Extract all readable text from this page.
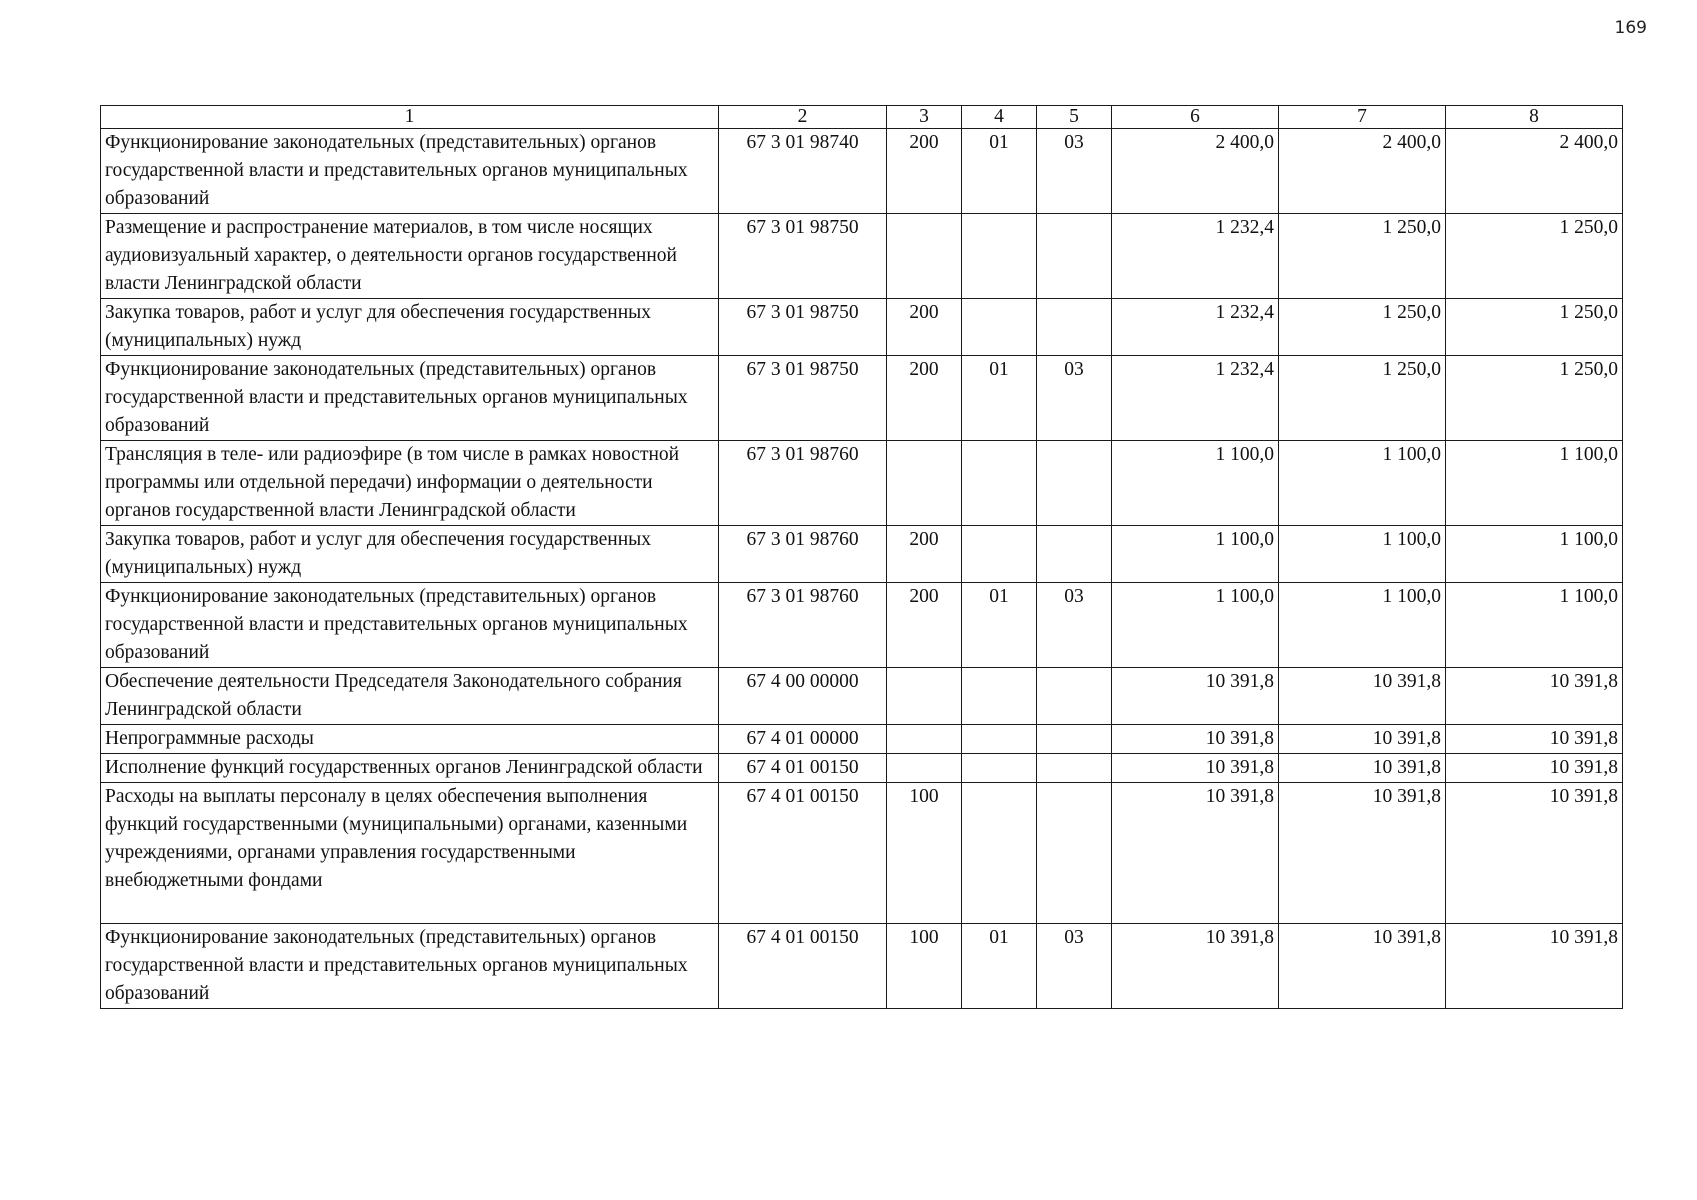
169
1	2	3	4	5	6	7	8
Функционирование законодательных (представительных) органов государственной власти и представительных органов муниципальных образований	67 3 01 98740	200	01	03	2 400,0	2 400,0	2 400,0
Размещение и распространение материалов, в том числе носящих аудиовизуальный характер, о деятельности органов государственной власти Ленинградской области	67 3 01 98750				1 232,4	1 250,0	1 250,0
Закупка товаров, работ и услуг для обеспечения государственных (муниципальных) нужд	67 3 01 98750	200			1 232,4	1 250,0	1 250,0
Функционирование законодательных (представительных) органов государственной власти и представительных органов муниципальных образований	67 3 01 98750	200	01	03	1 232,4	1 250,0	1 250,0
Трансляция в теле- или радиоэфире (в том числе в рамках новостной программы или отдельной передачи) информации о деятельности органов государственной власти Ленинградской области	67 3 01 98760				1 100,0	1 100,0	1 100,0
Закупка товаров, работ и услуг для обеспечения государственных (муниципальных) нужд	67 3 01 98760	200			1 100,0	1 100,0	1 100,0
Функционирование законодательных (представительных) органов государственной власти и представительных органов муниципальных образований	67 3 01 98760	200	01	03	1 100,0	1 100,0	1 100,0
Обеспечение деятельности Председателя Законодательного собрания Ленинградской области	67 4 00 00000				10 391,8	10 391,8	10 391,8
Непрограммные расходы	67 4 01 00000				10 391,8	10 391,8	10 391,8
Исполнение функций государственных органов Ленинградской области	67 4 01 00150				10 391,8	10 391,8	10 391,8
Расходы на выплаты персоналу в целях обеспечения выполнения функций государственными (муниципальными) органами, казенными учреждениями, органами управления государственными внебюджетными фондами	67 4 01 00150	100			10 391,8	10 391,8	10 391,8
Функционирование законодательных (представительных) органов государственной власти и представительных органов муниципальных образований	67 4 01 00150	100	01	03	10 391,8	10 391,8	10 391,8
